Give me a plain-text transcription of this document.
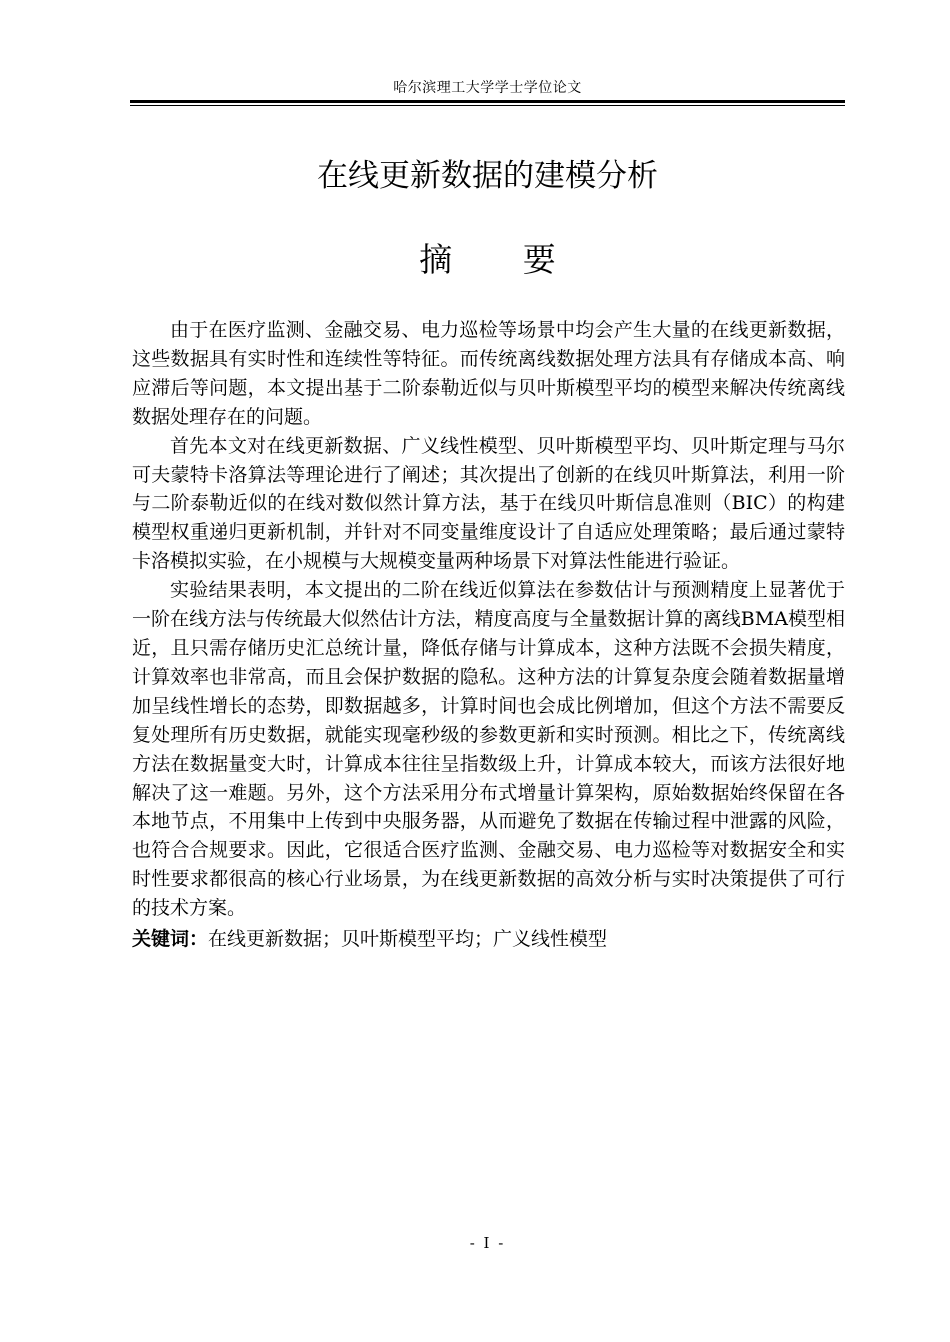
哈尔滨理工大学学士学位论文
在线更新数据的建模分析
摘 要

由于在医疗监测、金融交易、电力巡检等场景中均会产生大量的在线更新数据，这些数据具有实时性和连续性等特征。而传统离线数据处理方法具有存储成本高、响应滞后等问题，本文提出基于二阶泰勒近似与贝叶斯模型平均的模型来解决传统离线数据处理存在的问题。

首先本文对在线更新数据、广义线性模型、贝叶斯模型平均、贝叶斯定理与马尔可夫蒙特卡洛算法等理论进行了阐述；其次提出了创新的在线贝叶斯算法，利用一阶与二阶泰勒近似的在线对数似然计算方法，基于在线贝叶斯信息准则（BIC）的构建模型权重递归更新机制，并针对不同变量维度设计了自适应处理策略；最后通过蒙特卡洛模拟实验，在小规模与大规模变量两种场景下对算法性能进行验证。

实验结果表明，本文提出的二阶在线近似算法在参数估计与预测精度上显著优于一阶在线方法与传统最大似然估计方法，精度高度与全量数据计算的离线BMA模型相近，且只需存储历史汇总统计量，降低存储与计算成本，这种方法既不会损失精度，计算效率也非常高，而且会保护数据的隐私。这种方法的计算复杂度会随着数据量增加呈线性增长的态势，即数据越多，计算时间也会成比例增加，但这个方法不需要反复处理所有历史数据，就能实现毫秒级的参数更新和实时预测。相比之下，传统离线方法在数据量变大时，计算成本往往呈指数级上升，计算成本较大，而该方法很好地解决了这一难题。另外，这个方法采用分布式增量计算架构，原始数据始终保留在各本地节点，不用集中上传到中央服务器，从而避免了数据在传输过程中泄露的风险，也符合合规要求。因此，它很适合医疗监测、金融交易、电力巡检等对数据安全和实时性要求都很高的核心行业场景，为在线更新数据的高效分析与实时决策提供了可行的技术方案。

关键词：在线更新数据；贝叶斯模型平均；广义线性模型
- I -
